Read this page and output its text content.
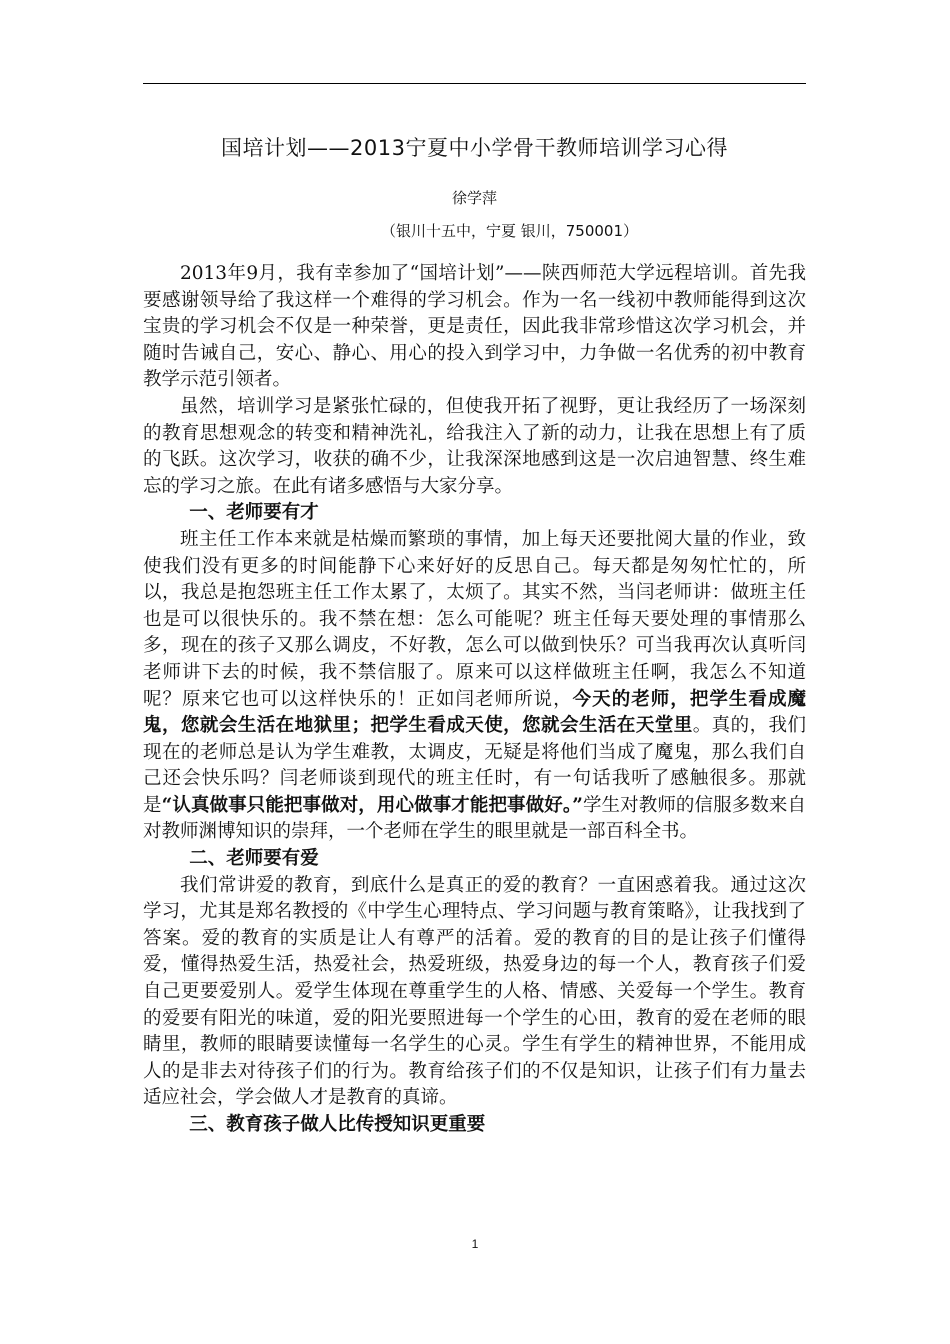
国培计划——2013宁夏中小学骨干教师培训学习心得
徐学萍
（银川十五中，宁夏 银川，750001）

2013年9月，我有幸参加了“国培计划”——陕西师范大学远程培训。首先我要感谢领导给了我这样一个难得的学习机会。作为一名一线初中教师能得到这次宝贵的学习机会不仅是一种荣誉，更是责任，因此我非常珍惜这次学习机会，并随时告诫自己，安心、静心、用心的投入到学习中，力争做一名优秀的初中教育教学示范引领者。

虽然，培训学习是紧张忙碌的，但使我开拓了视野，更让我经历了一场深刻的教育思想观念的转变和精神洗礼，给我注入了新的动力，让我在思想上有了质的飞跃。这次学习，收获的确不少，让我深深地感到这是一次启迪智慧、终生难忘的学习之旅。在此有诸多感悟与大家分享。

一、老师要有才

班主任工作本来就是枯燥而繁琐的事情，加上每天还要批阅大量的作业，致使我们没有更多的时间能静下心来好好的反思自己。每天都是匆匆忙忙的，所以，我总是抱怨班主任工作太累了，太烦了。其实不然，当闫老师讲：做班主任也是可以很快乐的。我不禁在想：怎么可能呢？班主任每天要处理的事情那么多，现在的孩子又那么调皮，不好教，怎么可以做到快乐？可当我再次认真听闫老师讲下去的时候，我不禁信服了。原来可以这样做班主任啊，我怎么不知道呢？原来它也可以这样快乐的！正如闫老师所说，今天的老师，把学生看成魔鬼，您就会生活在地狱里；把学生看成天使，您就会生活在天堂里。真的，我们现在的老师总是认为学生难教，太调皮，无疑是将他们当成了魔鬼，那么我们自己还会快乐吗？闫老师谈到现代的班主任时，有一句话我听了感触很多。那就是“认真做事只能把事做对，用心做事才能把事做好。”学生对教师的信服多数来自对教师渊博知识的崇拜，一个老师在学生的眼里就是一部百科全书。

二、老师要有爱

我们常讲爱的教育，到底什么是真正的爱的教育？一直困惑着我。通过这次学习，尤其是郑名教授的《中学生心理特点、学习问题与教育策略》，让我找到了答案。爱的教育的实质是让人有尊严的活着。爱的教育的目的是让孩子们懂得爱，懂得热爱生活，热爱社会，热爱班级，热爱身边的每一个人，教育孩子们爱自己更要爱别人。爱学生体现在尊重学生的人格、情感、关爱每一个学生。教育的爱要有阳光的味道，爱的阳光要照进每一个学生的心田，教育的爱在老师的眼睛里，教师的眼睛要读懂每一名学生的心灵。学生有学生的精神世界，不能用成人的是非去对待孩子们的行为。教育给孩子们的不仅是知识，让孩子们有力量去适应社会，学会做人才是教育的真谛。

三、教育孩子做人比传授知识更重要
1
